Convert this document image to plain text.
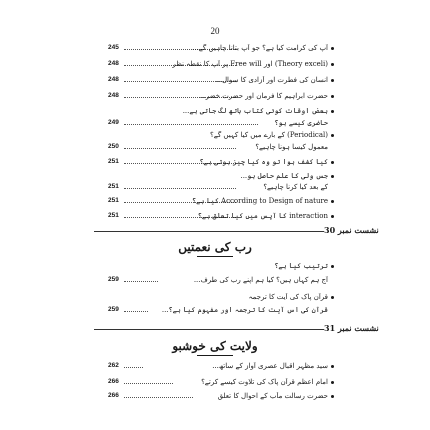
20
245	آپ کی کرامت کیا ہے؟ جو آپ بتانا چاہیں گے...
248	(Theory exceli) اور Free will پر آپ کا نقطہ نظر
248	انسان کی فطرت اور آزادی کا سوال...
248	حضرت ابراہیم کا فرمان اور حضرت خضر...
بعض اوقات کوئی کتاب ہاتھ لگ جاتی ہے...
249	حاضری کیسے ہو؟
(Periodical) کے بارے میں کیا کہیں گے؟
250	معمول کیسا ہونا چاہیے؟
251	کیا کشف ہوا تو وہ کیا چیز ہوتی ہے؟
جس ولی کا علم حاصل ہو...
251	کے بعد کیا کرنا چاہیے؟
251	According to Design of nature کیا ہے؟
251	interaction کا آپس میں کیا تعلق ہے؟
نشست نمبر 30
رب کی نعمتیں
ترتیب کیا ہے؟
259	آج ہم کہاں ہیں؟ کیا ہم اپنے رب کی طرف...
قرآن پاک کی آیت کا ترجمہ
259	قرآن کی اس آیت کا ترجمہ اور مفہوم کیا ہے؟...
نشست نمبر 31
ولایت کی خوشبو
262	سید مظہر اقبال عصری آواز کے ساتھ...
266	امام اعظم قرآن پاک کی تلاوت کیسے کرتے؟
266	حضرت رسالت مآب کے احوال کا تعلق
